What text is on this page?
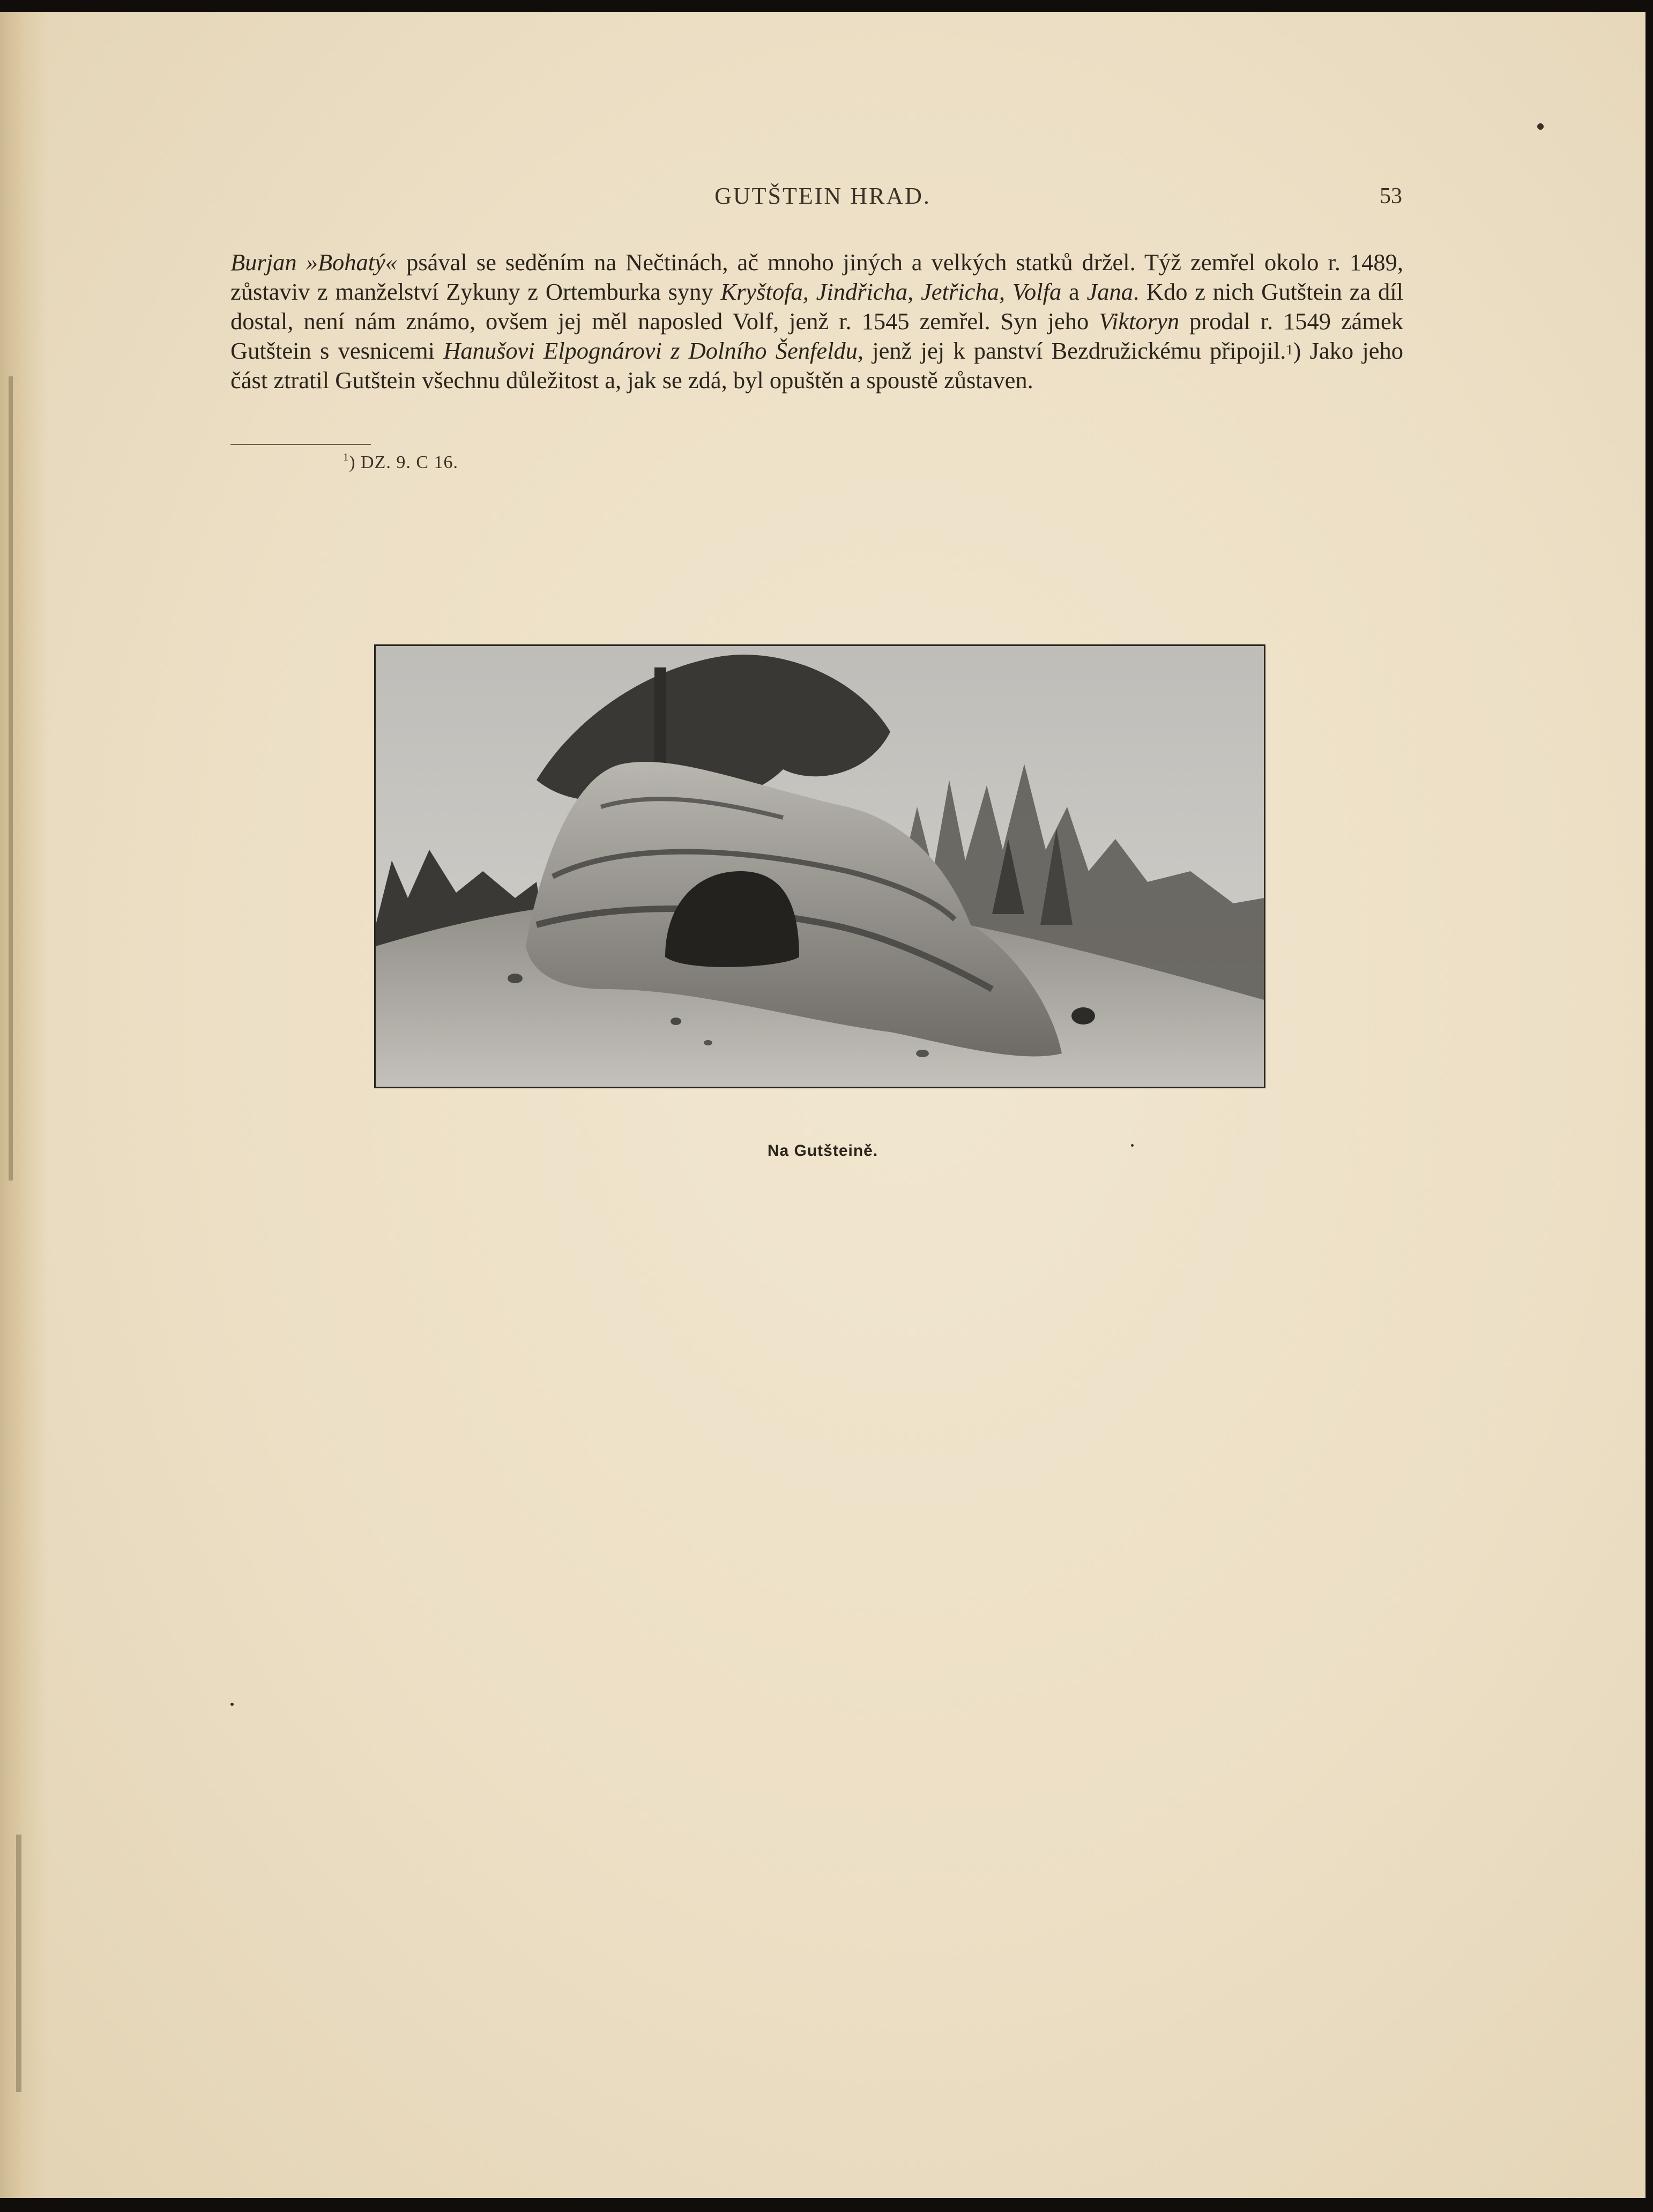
GUTŠTEIN HRAD.	53
Burjan »Bohatý« psával se seděním na Nečtinách, ač mnoho jiných a velkých statků držel. Týž zemřel okolo r. 1489, zůstaviv z manželství Zykuny z Ortemburka syny Kryštofa, Jindřicha, Jetřicha, Volfa a Jana. Kdo z nich Gutštein za díl dostal, není nám známo, ovšem jej měl naposled Volf, jenž r. 1545 zemřel. Syn jeho Viktoryn prodal r. 1549 zámek Gutštein s vesnicemi Hanušovi Elpognárovi z Dolního Šenfeldu, jenž jej k panství Bezdružickému připojil.$^1$) Jako jeho část ztratil Gutštein všechnu důležitost a, jak se zdá, byl opuštěn a spoustě zůstaven.
$^1$) DZ. 9. C 16.
Na Gutšteině.
